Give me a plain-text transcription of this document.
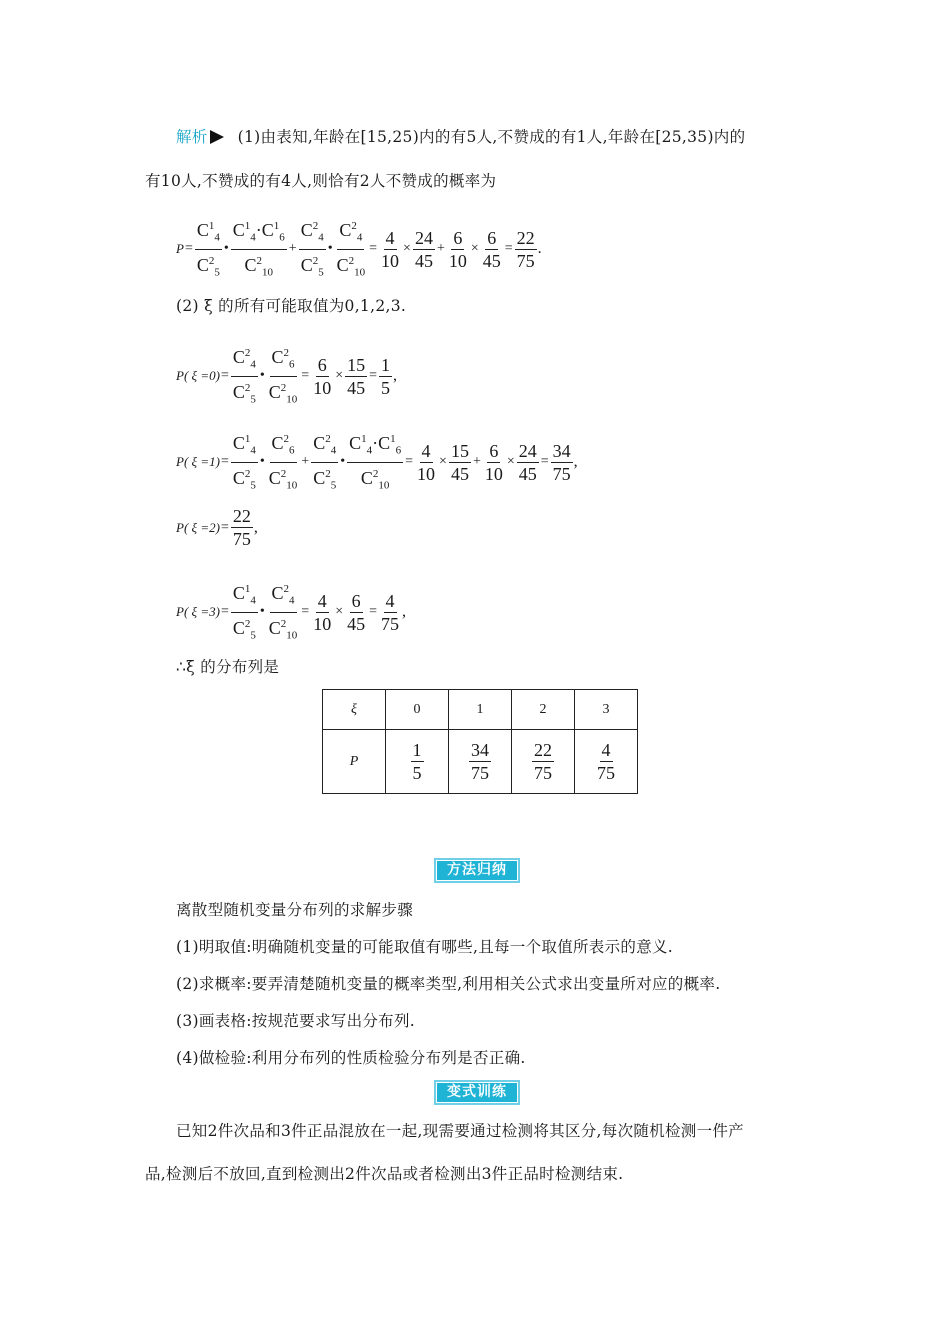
解析 (1)由表知,年龄在[15,25)内的有5人,不赞成的有1人,年龄在[25,35)内的
有10人,不赞成的有4人,则恰有2人不赞成的概率为
$P = \frac{C^1_4}{C^2_5}$ • $\frac{C^1_4\cdot C^1_6}{C^2_{10}} + \frac{C^2_4}{C^2_5}$ • $\frac{C^2_4}{C^2_{10}} = \frac{4}{10} \times \frac{24}{45} + \frac{6}{10} \times \frac{6}{45} = \frac{22}{75}$ .
(2) ξ 的所有可能取值为0,1,2,3.
P( $\xi =0) = \frac{C^2_4}{C^2_5}$ • $\frac{C^2_6}{C^2_{10}} = \frac{6}{10} \times \frac{15}{45} = \frac{1}{5}$ ,
P( $\xi =1) = \frac{C^1_4}{C^2_5}$ • $\frac{C^2_6}{C^2_{10}} + \frac{C^2_4}{C^2_5}$ • $\frac{C^1_4\cdot C^1_6}{C^2_{10}} = \frac{4}{10} \times \frac{15}{45} + \frac{6}{10} \times \frac{24}{45} = \frac{34}{75}$ ,
P( $\xi =2) = \frac{22}{75}$ ,
P( $\xi =3) = \frac{C^1_4}{C^2_5}$ • $\frac{C^2_4}{C^2_{10}} = \frac{4}{10} \times \frac{6}{45} = \frac{4}{75}$ ,
∴ξ 的分布列是
ξ	0	1	2	3
P	$\frac{1}{5}$	$\frac{34}{75}$	$\frac{22}{75}$	$\frac{4}{75}$
方法归纳
离散型随机变量分布列的求解步骤
(1)明取值:明确随机变量的可能取值有哪些,且每一个取值所表示的意义.
(2)求概率:要弄清楚随机变量的概率类型,利用相关公式求出变量所对应的概率.
(3)画表格:按规范要求写出分布列.
(4)做检验:利用分布列的性质检验分布列是否正确.
变式训练
已知2件次品和3件正品混放在一起,现需要通过检测将其区分,每次随机检测一件产
品,检测后不放回,直到检测出2件次品或者检测出3件正品时检测结束.
